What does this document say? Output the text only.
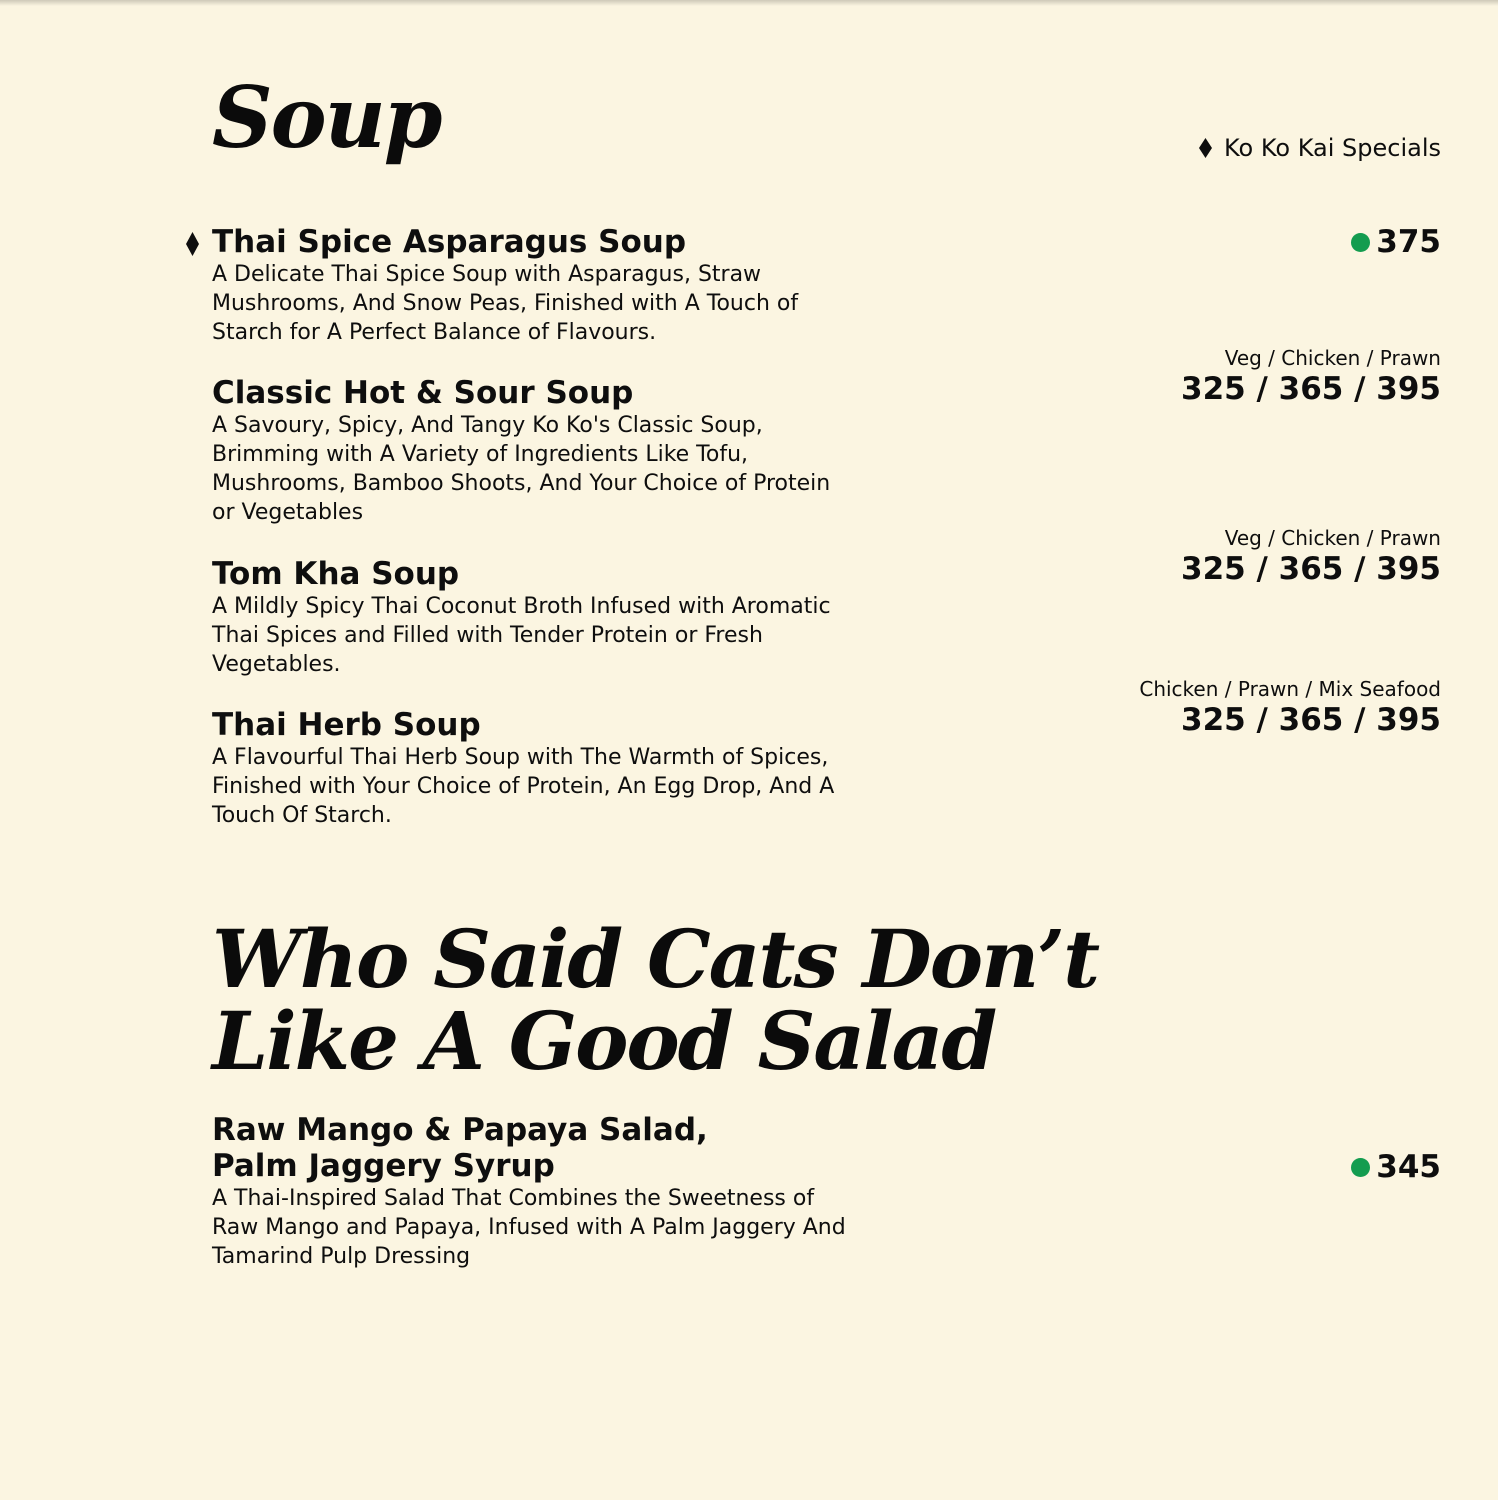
Soup	Ko Ko Kai Specials
Thai Spice Asparagus Soup

A Delicate Thai Spice Soup with Asparagus, Straw Mushrooms, And Snow Peas, Finished with A Touch of Starch for A Perfect Balance of Flavours.

375
Classic Hot & Sour Soup

A Savoury, Spicy, And Tangy Ko Ko's Classic Soup, Brimming with A Variety of Ingredients Like Tofu, Mushrooms, Bamboo Shoots, And Your Choice of Protein or Vegetables

Veg / Chicken / Prawn
325 / 365 / 395
Tom Kha Soup

A Mildly Spicy Thai Coconut Broth Infused with Aromatic Thai Spices and Filled with Tender Protein or Fresh Vegetables.

Veg / Chicken / Prawn
325 / 365 / 395
Thai Herb Soup

A Flavourful Thai Herb Soup with The Warmth of Spices, Finished with Your Choice of Protein, An Egg Drop, And A Touch Of Starch.

Chicken / Prawn / Mix Seafood
325 / 365 / 395
Who Said Cats Don’t
Like A Good Salad
Raw Mango & Papaya Salad,
Palm Jaggery Syrup

A Thai-Inspired Salad That Combines the Sweetness of Raw Mango and Papaya, Infused with A Palm Jaggery And Tamarind Pulp Dressing

345
